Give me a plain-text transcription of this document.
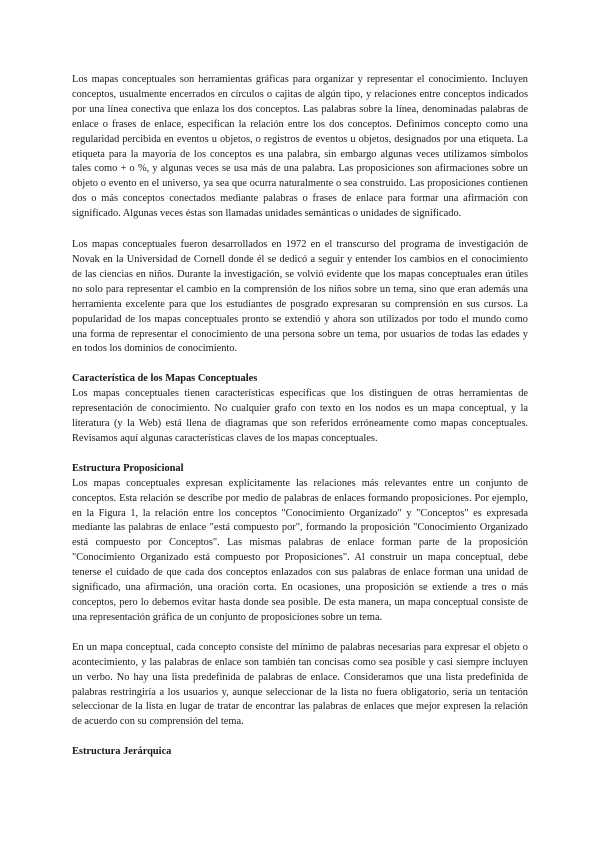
Los mapas conceptuales son herramientas gráficas para organizar y representar el conocimiento. Incluyen conceptos, usualmente encerrados en círculos o cajitas de algún tipo, y relaciones entre conceptos indicados por una línea conectiva que enlaza los dos conceptos. Las palabras sobre la línea, denominadas palabras de enlace o frases de enlace, especifican la relación entre los dos conceptos. Definimos concepto como una regularidad percibida en eventos u objetos, o registros de eventos u objetos, designados por una etiqueta. La etiqueta para la mayoría de los conceptos es una palabra, sin embargo algunas veces utilizamos símbolos tales como + o %, y algunas veces se usa más de una palabra. Las proposiciones son afirmaciones sobre un objeto o evento en el universo, ya sea que ocurra naturalmente o sea construido. Las proposiciones contienen dos o más conceptos conectados mediante palabras o frases de enlace para formar una afirmación con significado. Algunas veces éstas son llamadas unidades semánticas o unidades de significado.

Los mapas conceptuales fueron desarrollados en 1972 en el transcurso del programa de investigación de Novak en la Universidad de Cornell donde él se dedicó a seguir y entender los cambios en el conocimiento de las ciencias en niños. Durante la investigación, se volvió evidente que los mapas conceptuales eran útiles no solo para representar el cambio en la comprensión de los niños sobre un tema, sino que eran además una herramienta excelente para que los estudiantes de posgrado expresaran su comprensión en sus cursos. La popularidad de los mapas conceptuales pronto se extendió y ahora son utilizados por todo el mundo como una forma de representar el conocimiento de una persona sobre un tema, por usuarios de todas las edades y en todos los dominios de conocimiento.

Característica de los Mapas Conceptuales

Los mapas conceptuales tienen características específicas que los distinguen de otras herramientas de representación de conocimiento. No cualquier grafo con texto en los nodos es un mapa conceptual, y la literatura (y la Web) está llena de diagramas que son referidos erróneamente como mapas conceptuales. Revisamos aquí algunas características claves de los mapas conceptuales.

Estructura Proposicional

Los mapas conceptuales expresan explícitamente las relaciones más relevantes entre un conjunto de conceptos. Esta relación se describe por medio de palabras de enlaces formando proposiciones. Por ejemplo, en la Figura 1, la relación entre los conceptos "Conocimiento Organizado" y "Conceptos" es expresada mediante las palabras de enlace "está compuesto por", formando la proposición "Conocimiento Organizado está compuesto por Conceptos". Las mismas palabras de enlace forman parte de la proposición "Conocimiento Organizado está compuesto por Proposiciones". Al construir un mapa conceptual, debe tenerse el cuidado de que cada dos conceptos enlazados con sus palabras de enlace forman una unidad de significado, una afirmación, una oración corta. En ocasiones, una proposición se extiende a tres o más conceptos, pero lo debemos evitar hasta donde sea posible. De esta manera, un mapa conceptual consiste de una representación gráfica de un conjunto de proposiciones sobre un tema.

En un mapa conceptual, cada concepto consiste del mínimo de palabras necesarias para expresar el objeto o acontecimiento, y las palabras de enlace son también tan concisas como sea posible y casi siempre incluyen un verbo. No hay una lista predefinida de palabras de enlace. Consideramos que una lista predefinida de palabras restringiría a los usuarios y, aunque seleccionar de la lista no fuera obligatorio, sería un tentación seleccionar de la lista en lugar de tratar de encontrar las palabras de enlaces que mejor expresen la relación de acuerdo con su comprensión del tema.

Estructura Jerárquica
